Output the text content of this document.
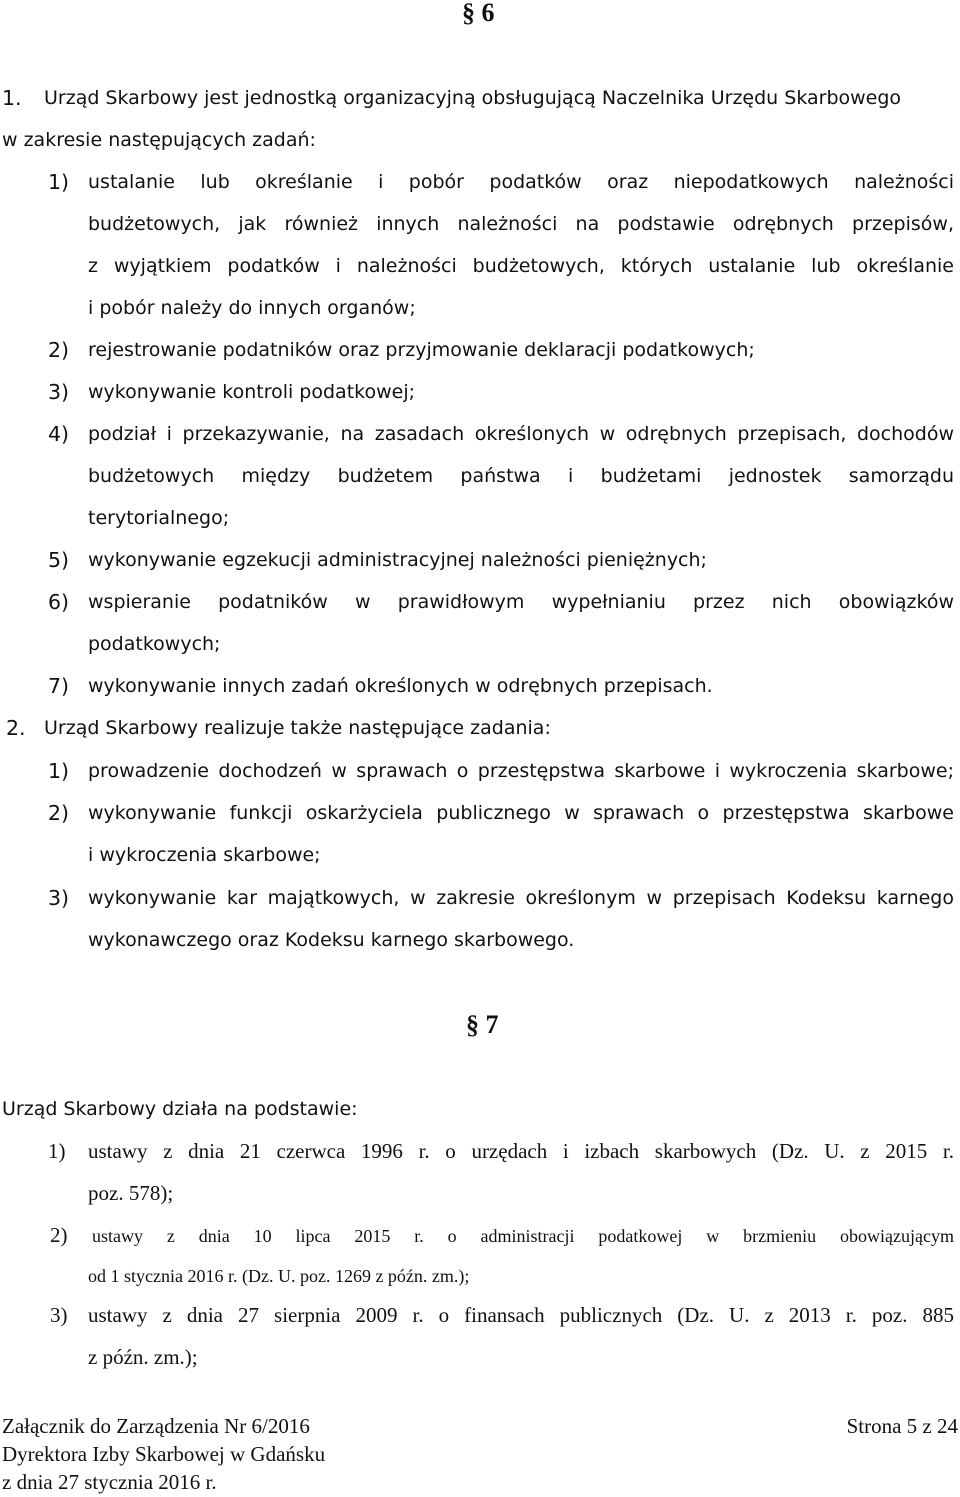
§ 6
1. Urząd Skarbowy jest jednostką organizacyjną obsługującą Naczelnika Urzędu Skarbowego
w zakresie następujących zadań:
1) ustalanie lub określanie i pobór podatków oraz niepodatkowych należności
budżetowych, jak również innych należności na podstawie odrębnych przepisów,
z wyjątkiem podatków i należności budżetowych, których ustalanie lub określanie
i pobór należy do innych organów;
2) rejestrowanie podatników oraz przyjmowanie deklaracji podatkowych;
3) wykonywanie kontroli podatkowej;
4) podział i przekazywanie, na zasadach określonych w odrębnych przepisach, dochodów
budżetowych między budżetem państwa i budżetami jednostek samorządu
terytorialnego;
5) wykonywanie egzekucji administracyjnej należności pieniężnych;
6) wspieranie podatników w prawidłowym wypełnianiu przez nich obowiązków
podatkowych;
7) wykonywanie innych zadań określonych w odrębnych przepisach.
2. Urząd Skarbowy realizuje także następujące zadania:
1) prowadzenie dochodzeń w sprawach o przestępstwa skarbowe i wykroczenia skarbowe;
2) wykonywanie funkcji oskarżyciela publicznego w sprawach o przestępstwa skarbowe
i wykroczenia skarbowe;
3) wykonywanie kar majątkowych, w zakresie określonym w przepisach Kodeksu karnego
wykonawczego oraz Kodeksu karnego skarbowego.
§ 7
Urząd Skarbowy działa na podstawie:
1) ustawy z dnia 21 czerwca 1996 r. o urzędach i izbach skarbowych (Dz. U. z 2015 r.
poz. 578);
2) ustawy z dnia 10 lipca 2015 r. o administracji podatkowej w brzmieniu obowiązującym
od 1 stycznia 2016 r. (Dz. U. poz. 1269 z późn. zm.);
3) ustawy z dnia 27 sierpnia 2009 r. o finansach publicznych (Dz. U. z 2013 r. poz. 885
z późn. zm.);
Załącznik do Zarządzenia Nr 6/2016
Dyrektora Izby Skarbowej w Gdańsku
z dnia 27 stycznia 2016 r.
Strona 5 z 24
